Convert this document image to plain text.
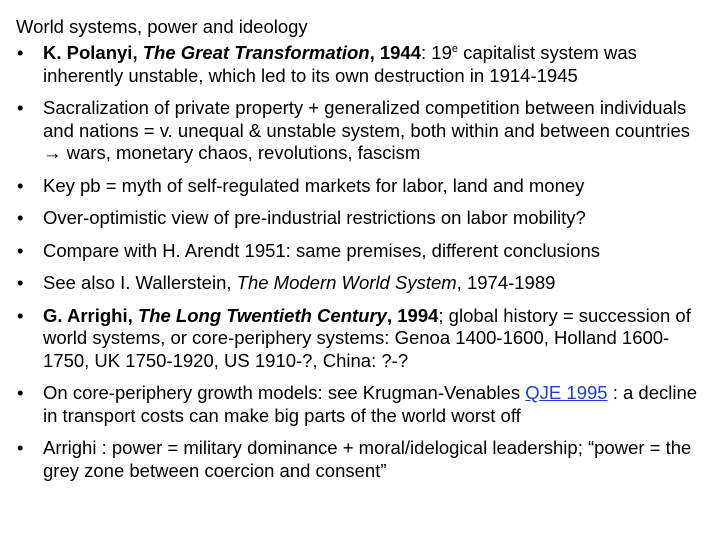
World systems, power and ideology
• K. Polanyi, The Great Transformation, 1944: 19e capitalist system was inherently unstable, which led to its own destruction in 1914-1945
• Sacralization of private property + generalized competition between individuals and nations = v. unequal & unstable system, both within and between countries → wars, monetary chaos, revolutions, fascism
• Key pb = myth of self-regulated markets for labor, land and money
• Over-optimistic view of pre-industrial restrictions on labor mobility?
• Compare with H. Arendt 1951: same premises, different conclusions
• See also I. Wallerstein, The Modern World System, 1974-1989
• G. Arrighi, The Long Twentieth Century, 1994; global history = succession of world systems, or core-periphery systems: Genoa 1400-1600, Holland 1600-1750, UK 1750-1920, US 1910-?, China: ?-?
• On core-periphery growth models: see Krugman-Venables QJE 1995 : a decline in transport costs can make big parts of the world worst off
• Arrighi : power = military dominance + moral/idelogical leadership; “power = the grey zone between coercion and consent”
